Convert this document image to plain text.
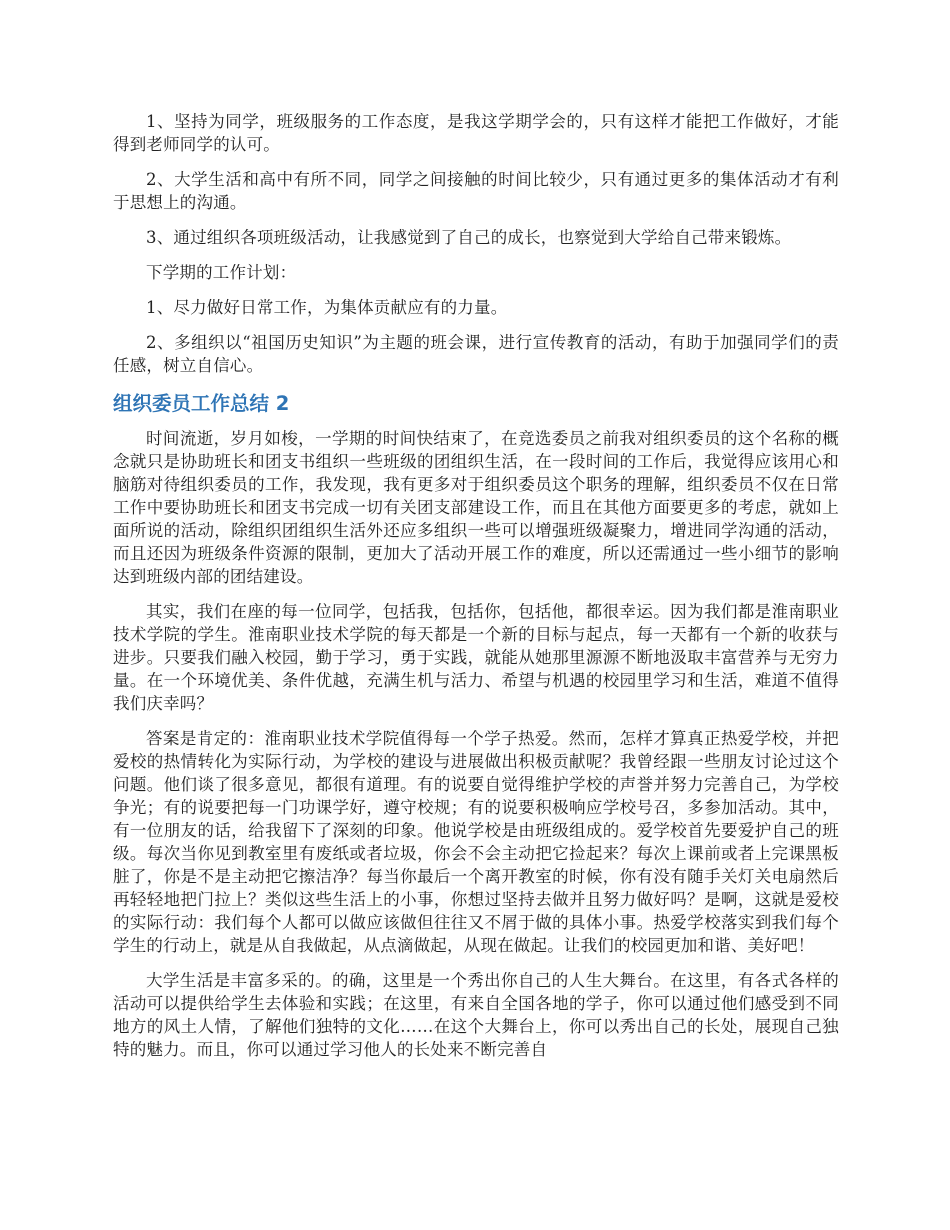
1、坚持为同学，班级服务的工作态度，是我这学期学会的，只有这样才能把工作做好，才能得到老师同学的认可。

2、大学生活和高中有所不同，同学之间接触的时间比较少，只有通过更多的集体活动才有利于思想上的沟通。

3、通过组织各项班级活动，让我感觉到了自己的成长，也察觉到大学给自己带来锻炼。

下学期的工作计划：

1、尽力做好日常工作，为集体贡献应有的力量。

2、多组织以“祖国历史知识”为主题的班会课，进行宣传教育的活动，有助于加强同学们的责任感，树立自信心。

组织委员工作总结 2

时间流逝，岁月如梭，一学期的时间快结束了，在竞选委员之前我对组织委员的这个名称的概念就只是协助班长和团支书组织一些班级的团组织生活，在一段时间的工作后，我觉得应该用心和脑筋对待组织委员的工作，我发现，我有更多对于组织委员这个职务的理解，组织委员不仅在日常工作中要协助班长和团支书完成一切有关团支部建设工作，而且在其他方面要更多的考虑，就如上面所说的活动，除组织团组织生活外还应多组织一些可以增强班级凝聚力，增进同学沟通的活动，而且还因为班级条件资源的限制，更加大了活动开展工作的难度，所以还需通过一些小细节的影响达到班级内部的团结建设。

其实，我们在座的每一位同学，包括我，包括你，包括他，都很幸运。因为我们都是淮南职业技术学院的学生。淮南职业技术学院的每天都是一个新的目标与起点，每一天都有一个新的收获与进步。只要我们融入校园，勤于学习，勇于实践，就能从她那里源源不断地汲取丰富营养与无穷力量。在一个环境优美、条件优越，充满生机与活力、希望与机遇的校园里学习和生活，难道不值得我们庆幸吗？

答案是肯定的：淮南职业技术学院值得每一个学子热爱。然而，怎样才算真正热爱学校，并把爱校的热情转化为实际行动，为学校的建设与进展做出积极贡献呢？我曾经跟一些朋友讨论过这个问题。他们谈了很多意见，都很有道理。有的说要自觉得维护学校的声誉并努力完善自己，为学校争光；有的说要把每一门功课学好，遵守校规；有的说要积极响应学校号召，多参加活动。其中，有一位朋友的话，给我留下了深刻的印象。他说学校是由班级组成的。爱学校首先要爱护自己的班级。每次当你见到教室里有废纸或者垃圾，你会不会主动把它捡起来？每次上课前或者上完课黑板脏了，你是不是主动把它擦洁净？每当你最后一个离开教室的时候，你有没有随手关灯关电扇然后再轻轻地把门拉上？类似这些生活上的小事，你想过坚持去做并且努力做好吗？是啊，这就是爱校的实际行动：我们每个人都可以做应该做但往往又不屑于做的具体小事。热爱学校落实到我们每个学生的行动上，就是从自我做起，从点滴做起，从现在做起。让我们的校园更加和谐、美好吧！

大学生活是丰富多采的。的确，这里是一个秀出你自己的人生大舞台。在这里，有各式各样的活动可以提供给学生去体验和实践；在这里，有来自全国各地的学子，你可以通过他们感受到不同地方的风土人情，了解他们独特的文化……在这个大舞台上，你可以秀出自己的长处，展现自己独特的魅力。而且，你可以通过学习他人的长处来不断完善自
